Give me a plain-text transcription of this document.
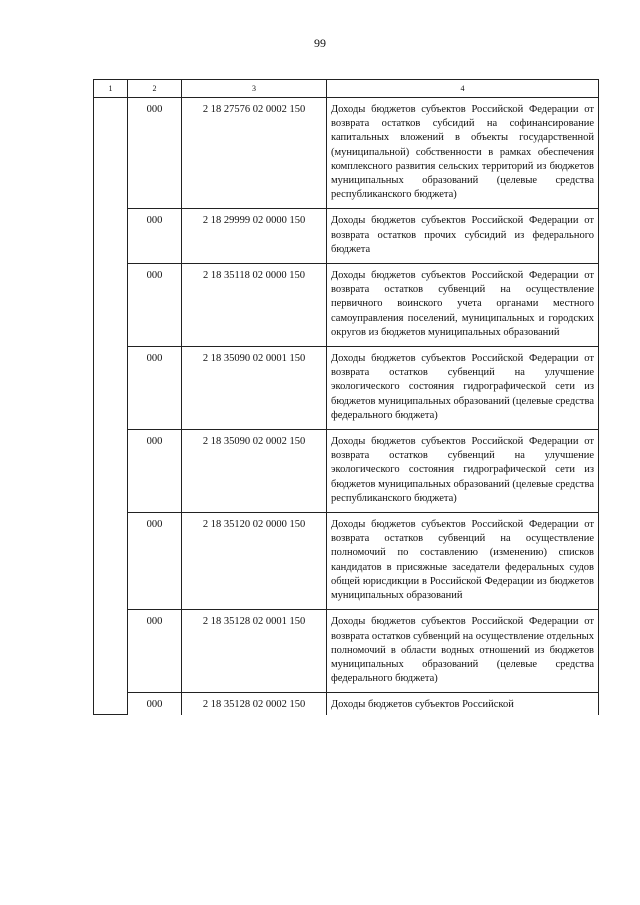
99
1	2	3	4
	000	2 18 27576 02 0002 150	Доходы бюджетов субъектов Российской Федерации от возврата остатков субсидий на софинансирование капитальных вложений в объекты государственной (муниципальной) собственности в рамках обеспечения комплексного развития сельских территорий из бюджетов муниципальных образований (целевые средства республиканского бюджета)
	000	2 18 29999 02 0000 150	Доходы бюджетов субъектов Российской Федерации от возврата остатков прочих субсидий из федерального бюджета
	000	2 18 35118 02 0000 150	Доходы бюджетов субъектов Российской Федерации от возврата остатков субвенций на осуществление первичного воинского учета органами местного самоуправления поселений, муниципальных и городских округов из бюджетов муниципальных образований
	000	2 18 35090 02 0001 150	Доходы бюджетов субъектов Российской Федерации от возврата остатков субвенций на улучшение экологического состояния гидрографической сети из бюджетов муниципальных образований (целевые средства федерального бюджета)
	000	2 18 35090 02 0002 150	Доходы бюджетов субъектов Российской Федерации от возврата остатков субвенций на улучшение экологического состояния гидрографической сети из бюджетов муниципальных образований (целевые средства республиканского бюджета)
	000	2 18 35120 02 0000 150	Доходы бюджетов субъектов Российской Федерации от возврата остатков субвенций на осуществление полномочий по составлению (изменению) списков кандидатов в присяжные заседатели федеральных судов общей юрисдикции в Российской Федерации из бюджетов муниципальных образований
	000	2 18 35128 02 0001 150	Доходы бюджетов субъектов Российской Федерации от возврата остатков субвенций на осуществление отдельных полномочий в области водных отношений из бюджетов муниципальных образований (целевые средства федерального бюджета)
	000	2 18 35128 02 0002 150	Доходы бюджетов субъектов Российской
